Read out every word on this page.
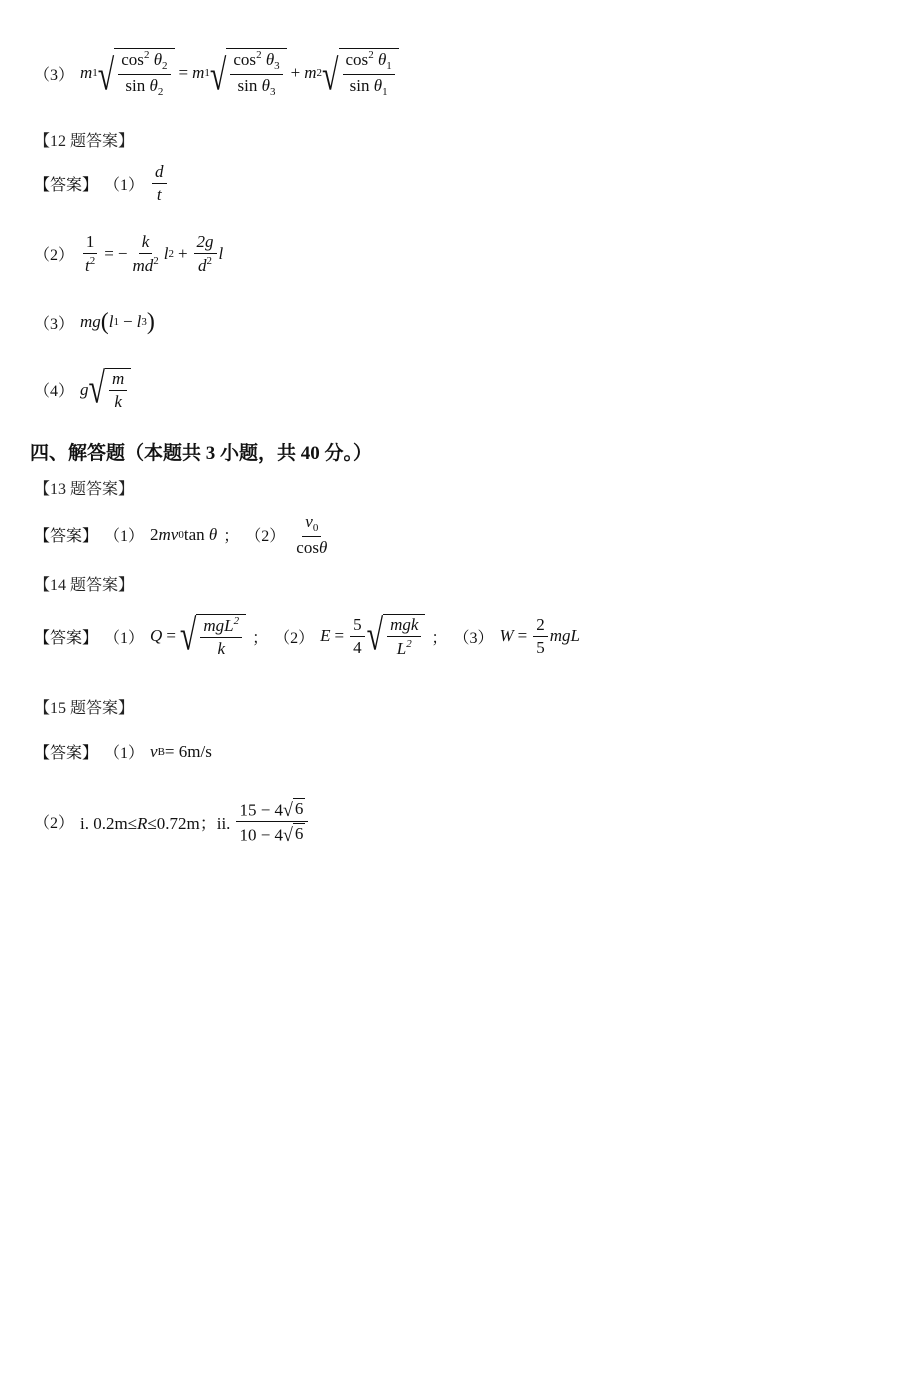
（3） m 1 √ $\frac{\cos^2 \theta_2}{\sin \theta_2} = m$ 1 √ $\frac{\cos^2 \theta_3}{\sin \theta_3} + m$ 2 √ $\frac{\cos^2 \theta_1}{\sin \theta_1}$
【12 题答案】
【答案】 $(1) \frac{d}{t}$
$(2) \frac{1}{t^2}$ = − $\frac{k}{md^2}$ l $2 + \frac{2g}{d^2}$ l
（3） mg ( l 1 − l 3 )
（4） g √ $\frac{m}{k}$
四、解答题（本题共 3 小题，共 40 分。）
【13 题答案】
【答案】 （1） 2 mv 0 tan
θ ； $(2) \frac{v_0}{\cos\theta}$
【14 题答案】
【答案】 （1） Q = √ $\frac{mgL^2}{k}$ ； （2） $E = \frac{5}{4}$ √ $\frac{\text{mgk}}{L^2}$ ； （3） $W = \frac{2}{5}$ mgL
【15 题答案】
【答案】 （1） v B = 6m/s
（2） i. 0.2m≤R≤0.72m；ii. $\frac{15 - 4 √ 6}{10 - 4 √ 6}$
